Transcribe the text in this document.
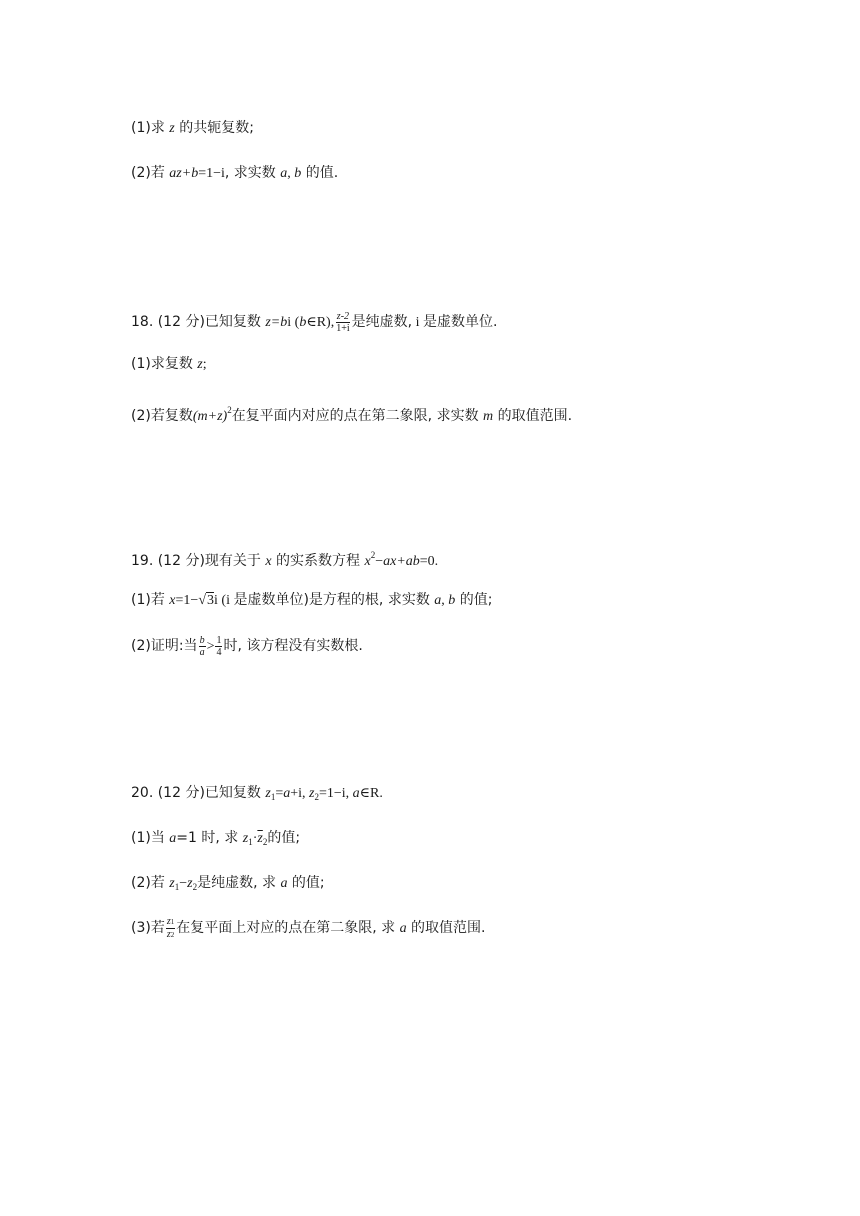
(1)求 z 的共轭复数;
(2)若 az+b=1−i, 求实数 a, b 的值.
18. (12 分)已知复数 z=bi (b∈R), $\frac{z-2}{1+i}$ 是纯虚数, i 是虚数单位.
(1)求复数 z;
(2)若复数$(m+z)^2$在复平面内对应的点在第二象限, 求实数 m 的取值范围.
19. (12 分)现有关于 x 的实系数方程 $x^2-ax+ab=0$.
(1)若 x=1−√3i (i 是虚数单位)是方程的根, 求实数 a, b 的值;
(2)证明:当 $\frac{b}{a} > \frac{1}{4}$ 时, 该方程没有实数根.
20. (12 分)已知复数 $z_1=a+i$, $z_2=1-i$, a∈R.
(1)当 a=1 时, 求 $z_1\cdot\overline{z}_2$的值;
(2)若 $z_1-z_2$是纯虚数, 求 a 的值;
(3)若 $\frac{z1}{z2}$ 在复平面上对应的点在第二象限, 求 a 的取值范围.
